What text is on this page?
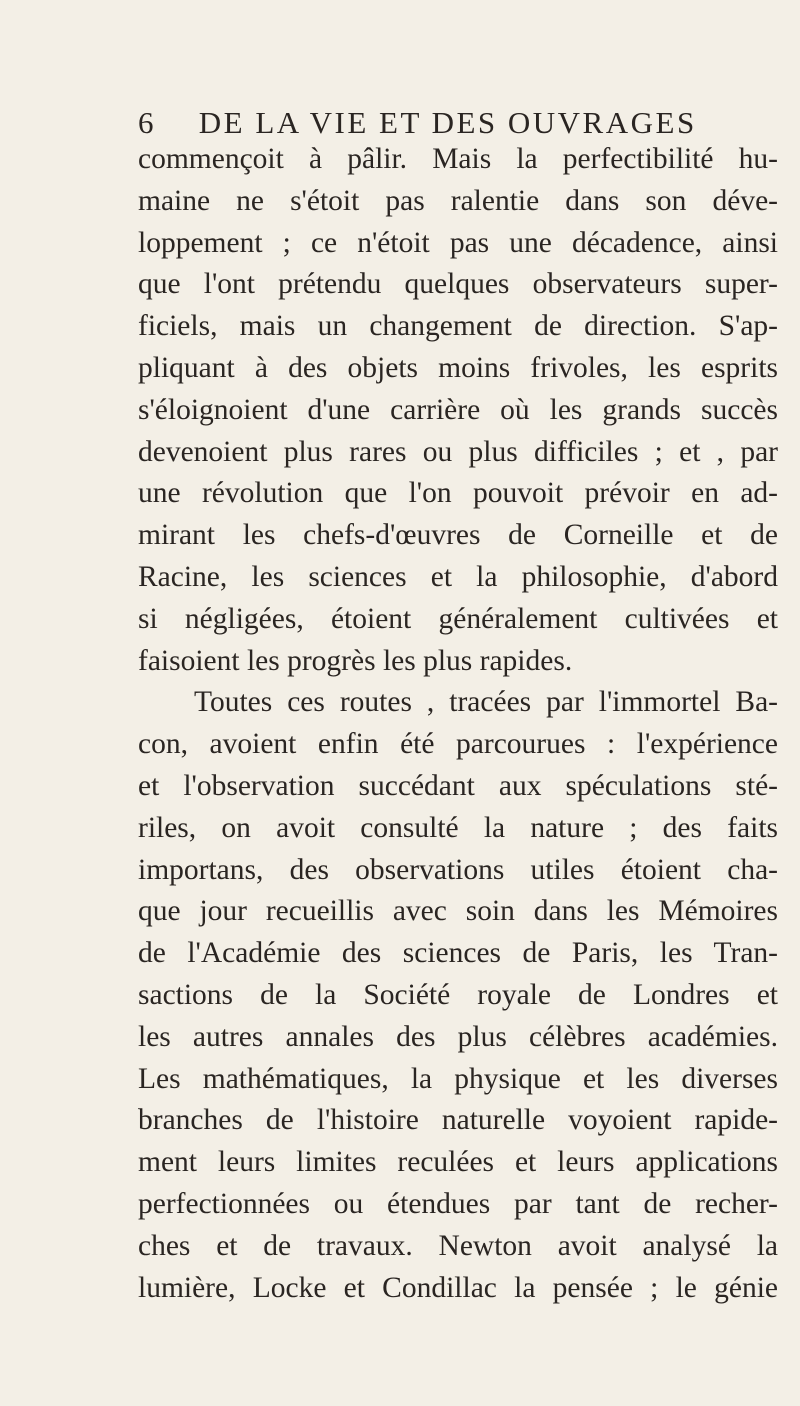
6 DE LA VIE ET DES OUVRAGES
commençoit à pâlir. Mais la perfectibilité hu-
maine ne s'étoit pas ralentie dans son déve-
loppement ; ce n'étoit pas une décadence, ainsi
que l'ont prétendu quelques observateurs super-
ficiels, mais un changement de direction. S'ap-
pliquant à des objets moins frivoles, les esprits
s'éloignoient d'une carrière où les grands succès
devenoient plus rares ou plus difficiles ; et , par
une révolution que l'on pouvoit prévoir en ad-
mirant les chefs-d'œuvres de Corneille et de
Racine, les sciences et la philosophie, d'abord
si négligées, étoient généralement cultivées et
faisoient les progrès les plus rapides.
Toutes ces routes , tracées par l'immortel Ba-
con, avoient enfin été parcourues : l'expérience
et l'observation succédant aux spéculations sté-
riles, on avoit consulté la nature ; des faits
importans, des observations utiles étoient cha-
que jour recueillis avec soin dans les Mémoires
de l'Académie des sciences de Paris, les Tran-
sactions de la Société royale de Londres et
les autres annales des plus célèbres académies.
Les mathématiques, la physique et les diverses
branches de l'histoire naturelle voyoient rapide-
ment leurs limites reculées et leurs applications
perfectionnées ou étendues par tant de recher-
ches et de travaux. Newton avoit analysé la
lumière, Locke et Condillac la pensée ; le génie
